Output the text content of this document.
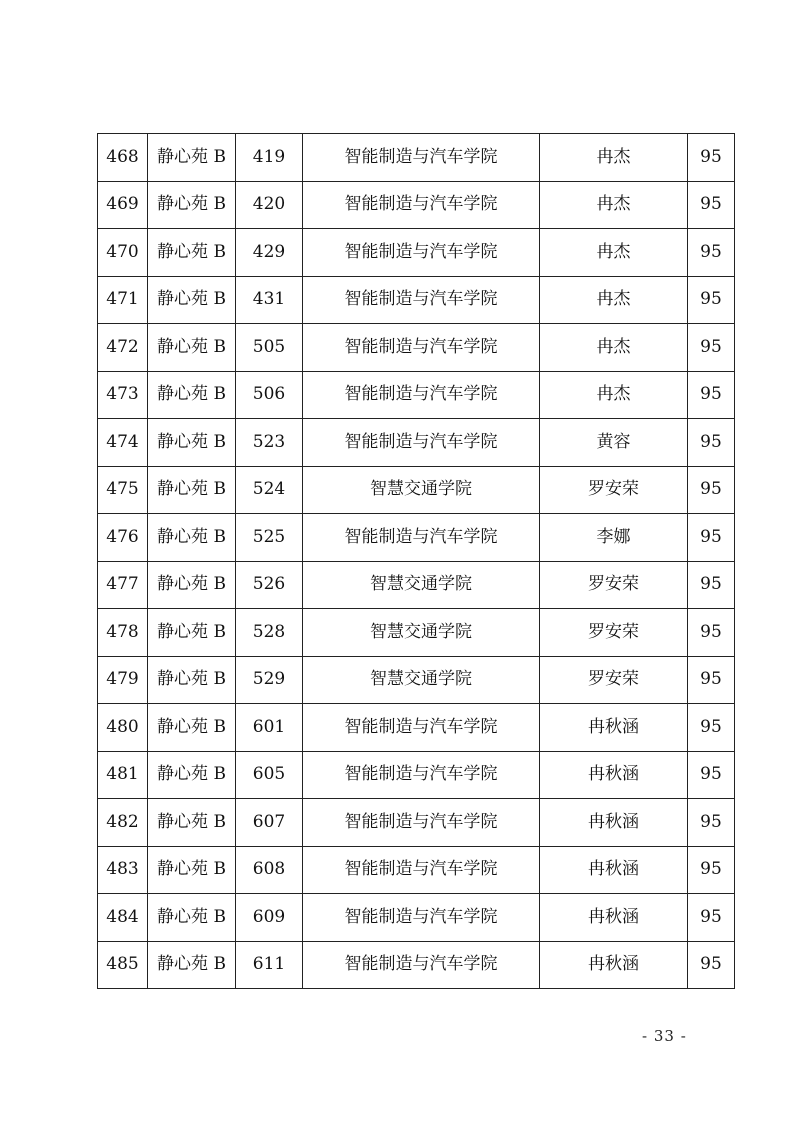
468	静心苑 B	419	智能制造与汽车学院	冉杰	95
469	静心苑 B	420	智能制造与汽车学院	冉杰	95
470	静心苑 B	429	智能制造与汽车学院	冉杰	95
471	静心苑 B	431	智能制造与汽车学院	冉杰	95
472	静心苑 B	505	智能制造与汽车学院	冉杰	95
473	静心苑 B	506	智能制造与汽车学院	冉杰	95
474	静心苑 B	523	智能制造与汽车学院	黄容	95
475	静心苑 B	524	智慧交通学院	罗安荣	95
476	静心苑 B	525	智能制造与汽车学院	李娜	95
477	静心苑 B	526	智慧交通学院	罗安荣	95
478	静心苑 B	528	智慧交通学院	罗安荣	95
479	静心苑 B	529	智慧交通学院	罗安荣	95
480	静心苑 B	601	智能制造与汽车学院	冉秋涵	95
481	静心苑 B	605	智能制造与汽车学院	冉秋涵	95
482	静心苑 B	607	智能制造与汽车学院	冉秋涵	95
483	静心苑 B	608	智能制造与汽车学院	冉秋涵	95
484	静心苑 B	609	智能制造与汽车学院	冉秋涵	95
485	静心苑 B	611	智能制造与汽车学院	冉秋涵	95
- 33 -
